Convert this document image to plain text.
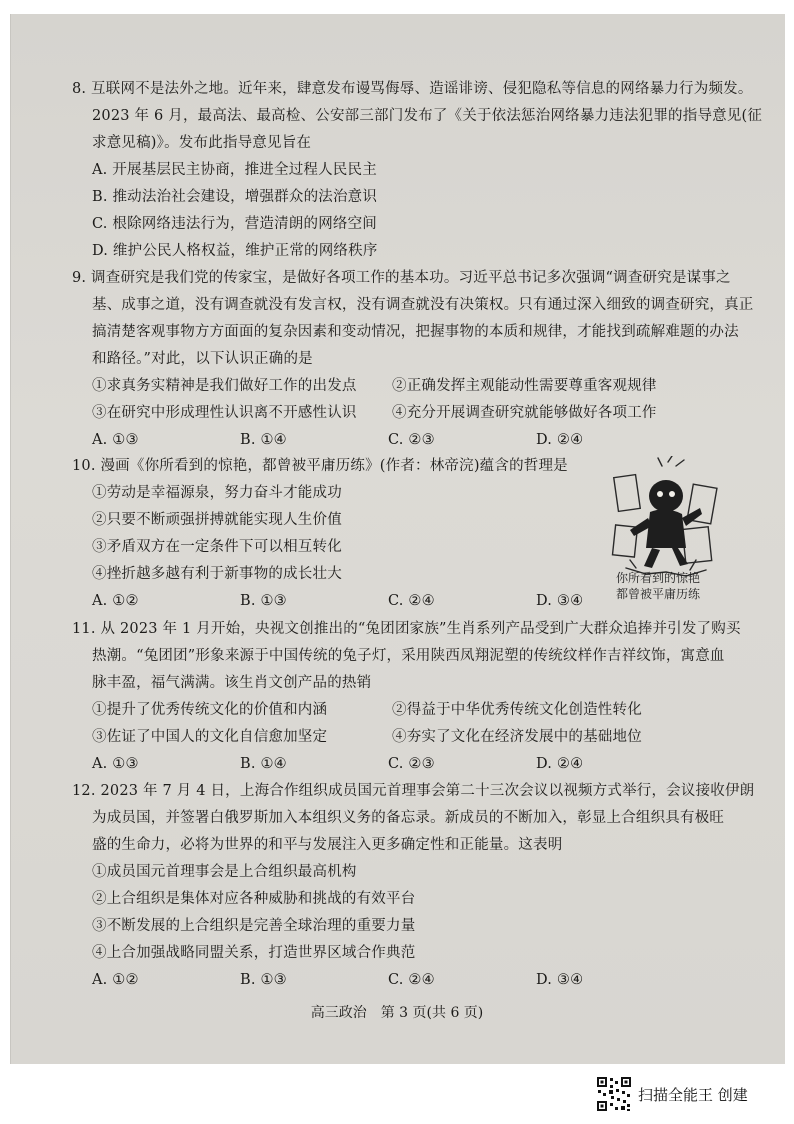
8. 互联网不是法外之地。近年来，肆意发布谩骂侮辱、造谣诽谤、侵犯隐私等信息的网络暴力行为频发。

2023 年 6 月，最高法、最高检、公安部三部门发布了《关于依法惩治网络暴力违法犯罪的指导意见(征

求意见稿)》。发布此指导意见旨在

A. 开展基层民主协商，推进全过程人民民主

B. 推动法治社会建设，增强群众的法治意识

C. 根除网络违法行为，营造清朗的网络空间

D. 维护公民人格权益，维护正常的网络秩序

9. 调查研究是我们党的传家宝，是做好各项工作的基本功。习近平总书记多次强调“调查研究是谋事之

基、成事之道，没有调查就没有发言权，没有调查就没有决策权。只有通过深入细致的调查研究，真正

搞清楚客观事物方方面面的复杂因素和变动情况，把握事物的本质和规律，才能找到疏解难题的办法

和路径。”对此，以下认识正确的是

①求真务实精神是我们做好工作的出发点	②正确发挥主观能动性需要尊重客观规律
③在研究中形成理性认识离不开感性认识	④充分开展调查研究就能够做好各项工作
A. ①③	B. ①④	C. ②③	D. ②④

10. 漫画《你所看到的惊艳，都曾被平庸历练》(作者：林帝浣)蕴含的哲理是

①劳动是幸福源泉，努力奋斗才能成功

②只要不断顽强拼搏就能实现人生价值

③矛盾双方在一定条件下可以相互转化

④挫折越多越有利于新事物的成长壮大

A. ①②	B. ①③	C. ②④	D. ③④
你所看到的惊艳
都曾被平庸历练

11. 从 2023 年 1 月开始，央视文创推出的“兔团团家族”生肖系列产品受到广大群众追捧并引发了购买

热潮。“兔团团”形象来源于中国传统的兔子灯，采用陕西凤翔泥塑的传统纹样作吉祥纹饰，寓意血

脉丰盈，福气满满。该生肖文创产品的热销

①提升了优秀传统文化的价值和内涵	②得益于中华优秀传统文化创造性转化
③佐证了中国人的文化自信愈加坚定	④夯实了文化在经济发展中的基础地位
A. ①③	B. ①④	C. ②③	D. ②④

12. 2023 年 7 月 4 日，上海合作组织成员国元首理事会第二十三次会议以视频方式举行，会议接收伊朗

为成员国，并签署白俄罗斯加入本组织义务的备忘录。新成员的不断加入，彰显上合组织具有极旺

盛的生命力，必将为世界的和平与发展注入更多确定性和正能量。这表明

①成员国元首理事会是上合组织最高机构

②上合组织是集体对应各种威胁和挑战的有效平台

③不断发展的上合组织是完善全球治理的重要力量

④上合加强战略同盟关系，打造世界区域合作典范

A. ①②	B. ①③	C. ②④	D. ③④
高三政治　第 3 页(共 6 页)
扫描全能王 创建
